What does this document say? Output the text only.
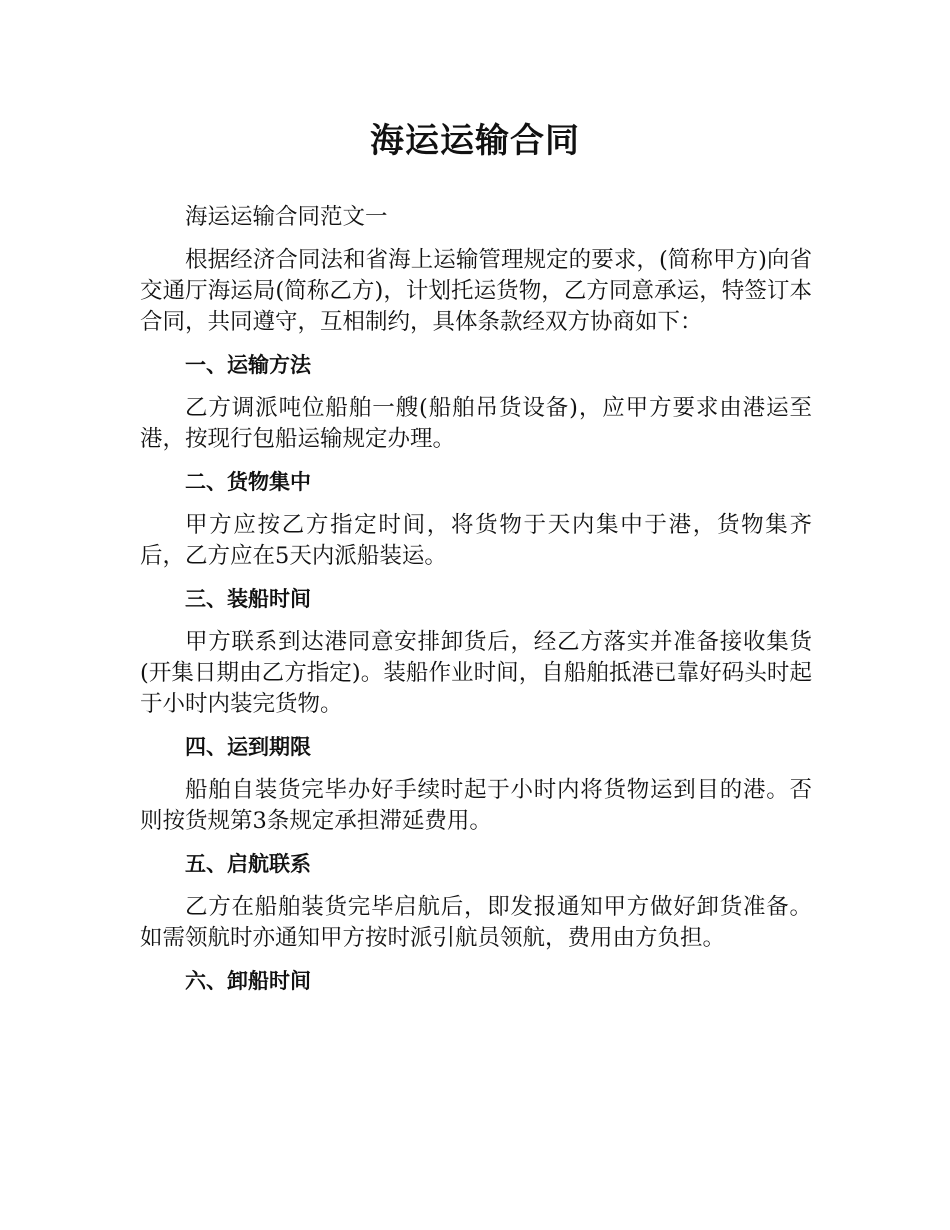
海运运输合同

海运运输合同范文一

根据经济合同法和省海上运输管理规定的要求，(简称甲方)向省交通厅海运局(简称乙方)，计划托运货物，乙方同意承运，特签订本合同，共同遵守，互相制约，具体条款经双方协商如下：

一、运输方法

乙方调派吨位船舶一艘(船舶吊货设备)，应甲方要求由港运至港，按现行包船运输规定办理。

二、货物集中

甲方应按乙方指定时间，将货物于天内集中于港，货物集齐后，乙方应在5天内派船装运。

三、装船时间

甲方联系到达港同意安排卸货后，经乙方落实并准备接收集货(开集日期由乙方指定)。装船作业时间，自船舶抵港已靠好码头时起于小时内装完货物。

四、运到期限

船舶自装货完毕办好手续时起于小时内将货物运到目的港。否则按货规第3条规定承担滞延费用。

五、启航联系

乙方在船舶装货完毕启航后，即发报通知甲方做好卸货准备。如需领航时亦通知甲方按时派引航员领航，费用由方负担。

六、卸船时间
